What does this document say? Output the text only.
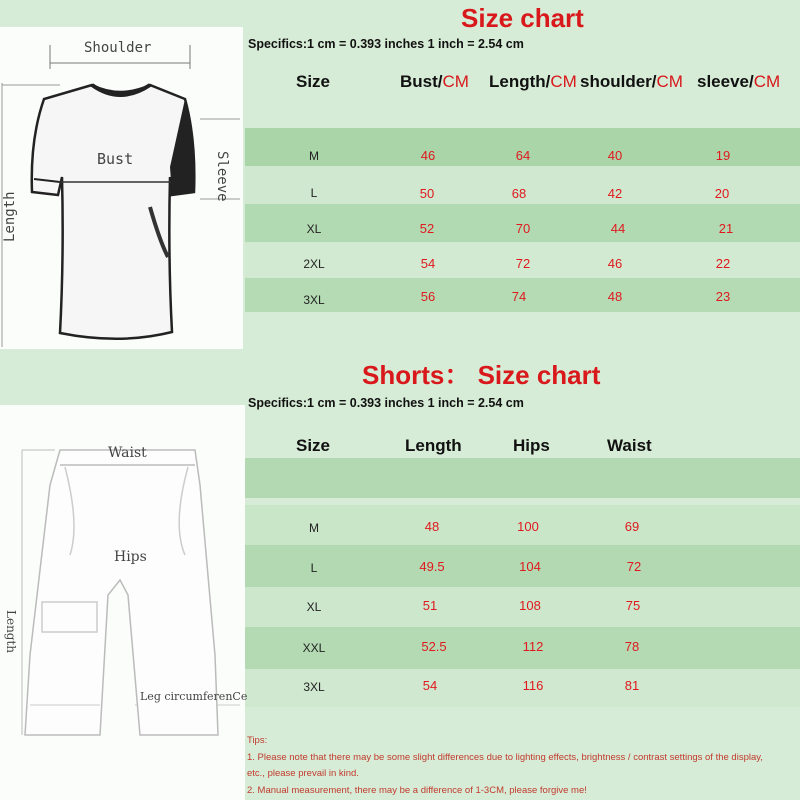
Shoulder
Bust	Sleeve
Length
Waist
Hips
Length
Leg circumferenCe
Size chart
Specifics:1 cm = 0.393 inches 1 inch = 2.54 cm
Size	Bust/CM Length/CM shoulder/CM sleeve/CM
M	46	64	40	19
L	50	68	42	20
XL	52	70	44	21
2XL	54	72	46	22
3XL	56	74	48	23
Shorts： Size chart
Specifics:1 cm = 0.393 inches 1 inch = 2.54 cm
Size	Length	Hips	Waist
M	48	100	69
L	49.5	104	72
XL	51	108	75
XXL	52.5	112	78
3XL	54	116	81
Tips:
1. Please note that there may be some slight differences due to lighting effects, brightness / contrast settings of the display,
etc., please prevail in kind.
2. Manual measurement, there may be a difference of 1-3CM, please forgive me!
